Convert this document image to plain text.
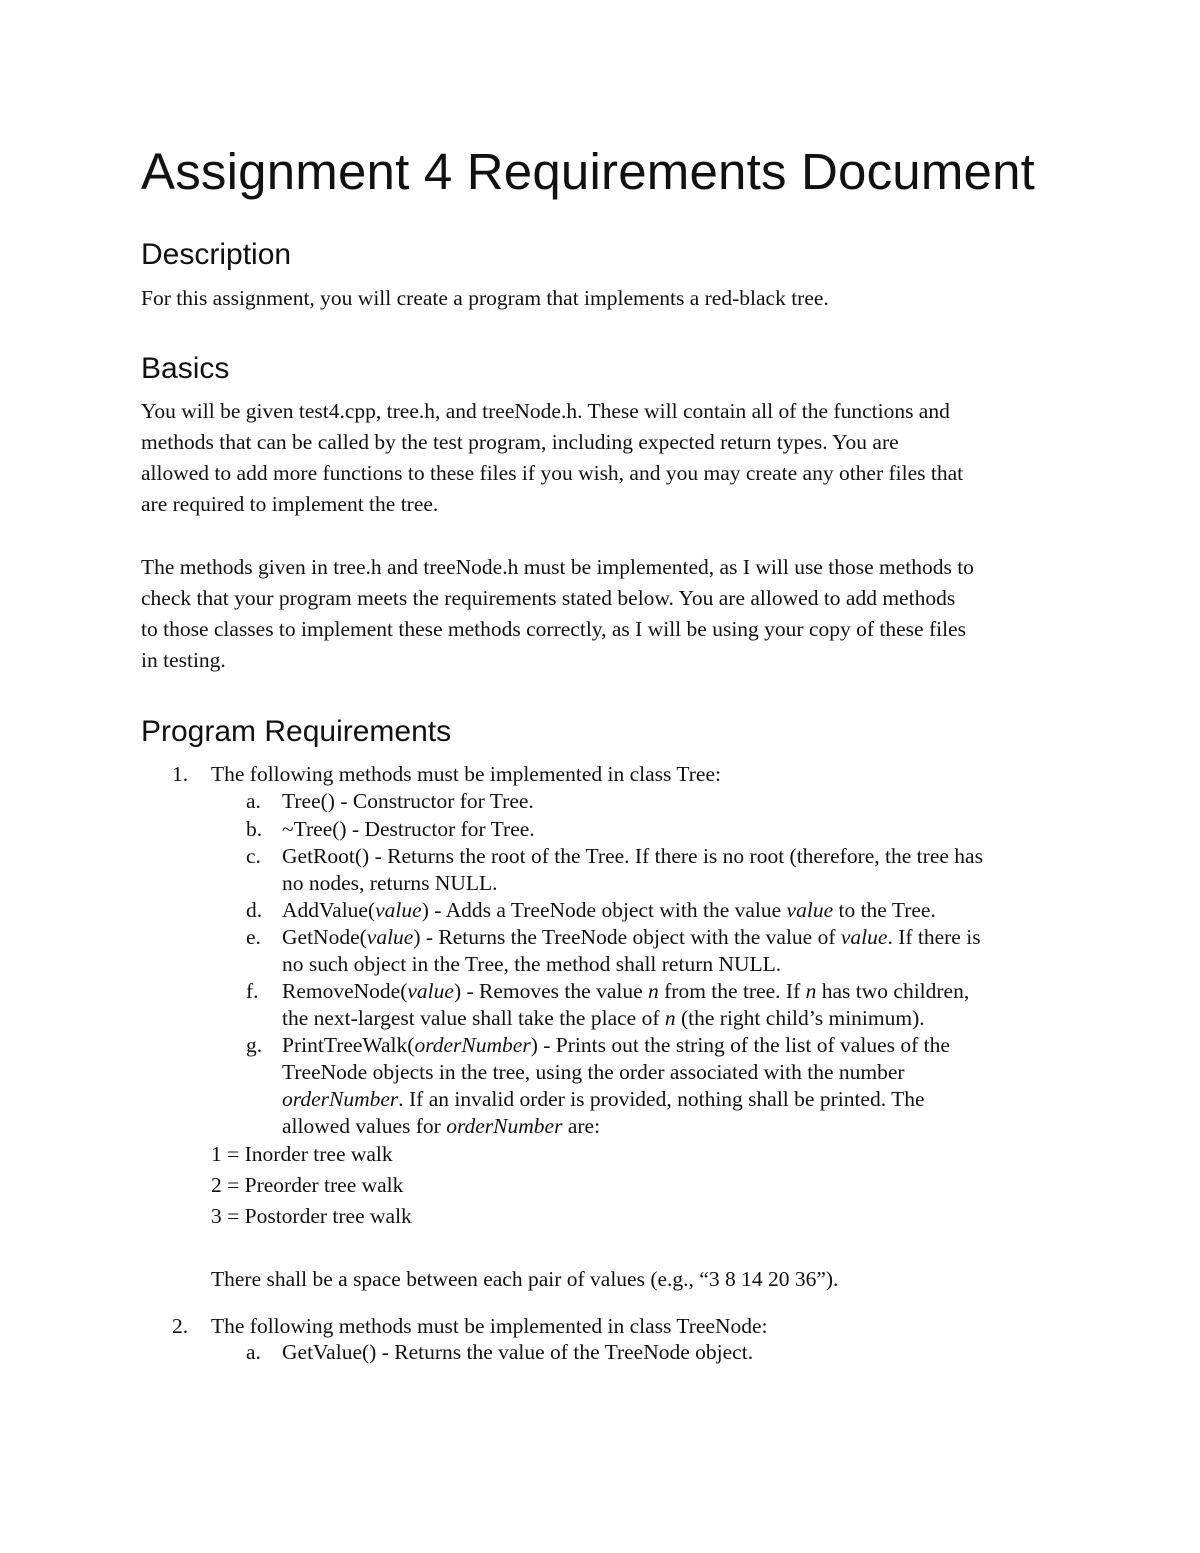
Assignment 4 Requirements Document
Description

For this assignment, you will create a program that implements a red-black tree.

Basics
You will be given test4.cpp, tree.h, and treeNode.h. These will contain all of the functions and
methods that can be called by the test program, including expected return types. You are
allowed to add more functions to these files if you wish, and you may create any other files that
are required to implement the tree.
The methods given in tree.h and treeNode.h must be implemented, as I will use those methods to
check that your program meets the requirements stated below. You are allowed to add methods
to those classes to implement these methods correctly, as I will be using your copy of these files
in testing.
Program Requirements
1. The following methods must be implemented in class Tree:
a. Tree() - Constructor for Tree.
b. ~Tree() - Destructor for Tree.
c. GetRoot() - Returns the root of the Tree. If there is no root (therefore, the tree has
no nodes, returns NULL.
d. AddValue(value) - Adds a TreeNode object with the value value to the Tree.
e. GetNode(value) - Returns the TreeNode object with the value of value. If there is
no such object in the Tree, the method shall return NULL.
f.	RemoveNode(value) - Removes the value n from the tree. If n has two children,
the next-largest value shall take the place of n (the right child’s minimum).
g. PrintTreeWalk(orderNumber) - Prints out the string of the list of values of the
TreeNode objects in the tree, using the order associated with the number
orderNumber. If an invalid order is provided, nothing shall be printed. The
allowed values for orderNumber are:
1 = Inorder tree walk
2 = Preorder tree walk
3 = Postorder tree walk
There shall be a space between each pair of values (e.g., “3 8 14 20 36”).
2. The following methods must be implemented in class TreeNode:
a. GetValue() - Returns the value of the TreeNode object.
